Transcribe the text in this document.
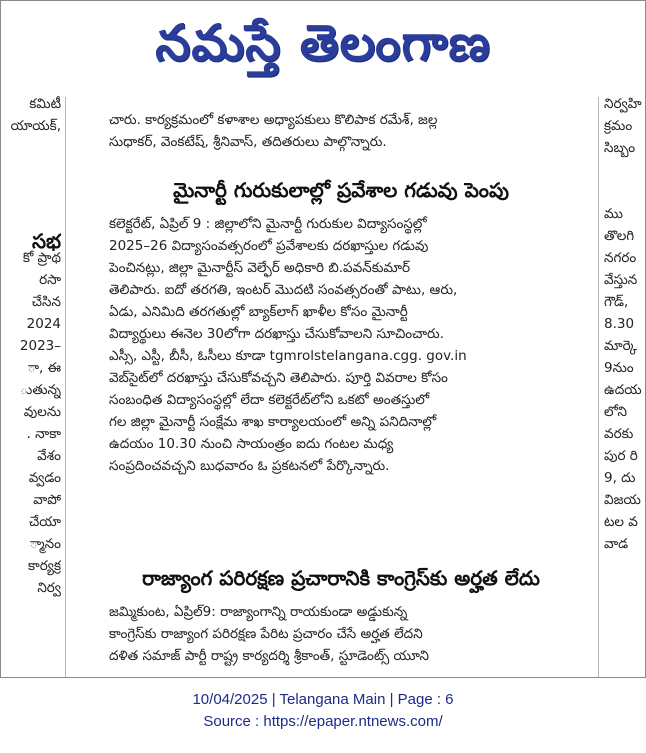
నమస్తే తెలంగాణ
కమిటీ
యాయక్,
కో ప్రాథ
రసా
చేసిన
2024
2023–
ా, ఈ
ుతున్న
వులను
. నాకా
వేశం
వ్వడం
వాపో
చేయా
్మానం
కార్యక్ర
నిర్వ
సభ
నిర్వహి
క్రమం
సిబ్బం
ము
తొలగి
నగరం
వేస్తున
గౌడ్,
8.30
మార్కె
9నుం
ఉదయ
లోని
వరకు
పుర రి
9, దు
విజయ
టల వ
వాడ
చారు. కార్యక్రమంలో కళాశాల అధ్యాపకులు కొలిపాక రమేశ్, జల్ల
సుధాకర్, వెంకటేష్, శ్రీనివాస్, తదితరులు పాల్గొన్నారు.
మైనార్టీ గురుకులాల్లో ప్రవేశాల గడువు పెంపు
కలెక్టరేట్, ఏప్రిల్ 9 : జిల్లాలోని మైనార్టీ గురుకుల విద్యాసంస్థల్లో
2025–26 విద్యాసంవత్సరంలో ప్రవేశాలకు దరఖాస్తుల గడువు
పెంచినట్లు, జిల్లా మైనార్టీస్ వెల్ఫేర్ అధికారి బి.పవన్‌కుమార్
తెలిపారు. ఐదో తరగతి, ఇంటర్ మొదటి సంవత్సరంతో పాటు, ఆరు,
ఏడు, ఎనిమిది తరగతుల్లో బ్యాక్‌లాగ్ ఖాళీల కోసం మైనార్టీ
విద్యార్థులు ఈనెల 30లోగా దరఖాస్తు చేసుకోవాలని సూచించారు.
ఎస్సీ, ఎస్టీ, బీసీ, ఓసీలు కూడా tgmrolstelangana.cgg. gov.in
వెబ్‌సైట్‌లో దరఖాస్తు చేసుకోవచ్చని తెలిపారు. పూర్తి వివరాల కోసం
సంబంధిత విద్యాసంస్థల్లో లేదా కలెక్టరేట్‌లోని ఒకటో అంతస్తులో
గల జిల్లా మైనార్టీ సంక్షేమ శాఖ కార్యాలయంలో అన్ని పనిదినాల్లో
ఉదయం 10.30 నుంచి సాయంత్రం ఐదు గంటల మధ్య
సంప్రదించవచ్చని బుధవారం ఓ ప్రకటనలో పేర్కొన్నారు.
రాజ్యాంగ పరిరక్షణ ప్రచారానికి కాంగ్రెస్‌కు అర్హత లేదు
జమ్మికుంట, ఏప్రిల్9: రాజ్యాంగాన్ని రాయకుండా అడ్డుకున్న
కాంగ్రెస్‌కు రాజ్యాంగ పరిరక్షణ పేరిట ప్రచారం చేసే అర్హత లేదని
దళిత సమాజ్ పార్టీ రాష్ట్ర కార్యదర్శి శ్రీకాంత్, స్టూడెంట్స్ యూని
10/04/2025 | Telangana Main | Page : 6
Source : https://epaper.ntnews.com/
